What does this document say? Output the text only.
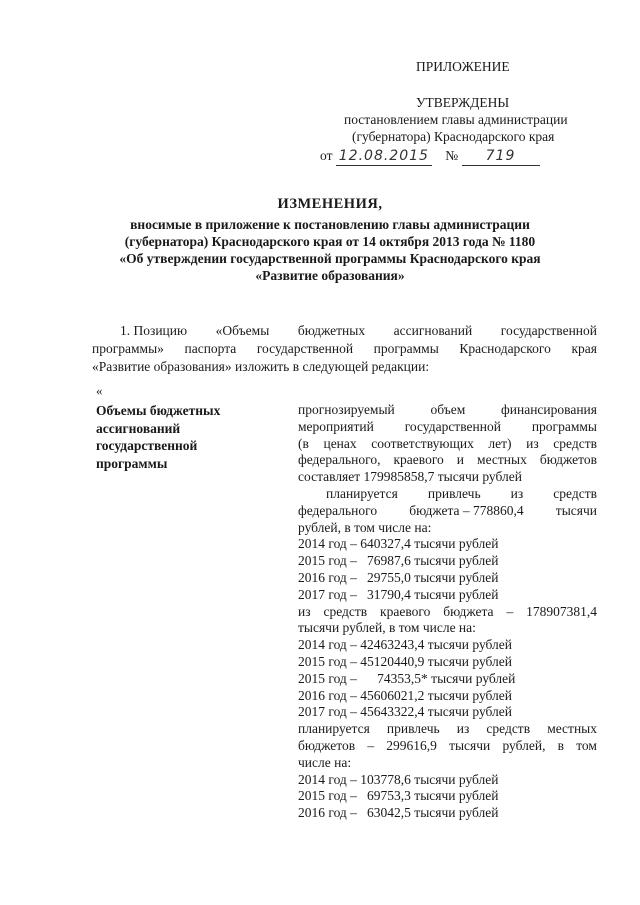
ПРИЛОЖЕНИЕ
УТВЕРЖДЕНЫ
постановлением главы администрации
(губернатора) Краснодарского края
от 12.08.2015 № 719
ИЗМЕНЕНИЯ,
вносимые в приложение к постановлению главы администрации
(губернатора) Краснодарского края от 14 октября 2013 года № 1180
«Об утверждении государственной программы Краснодарского края
«Развитие образования»
1. Позицию «Объемы бюджетных ассигнований государственной
программы» паспорта государственной программы Краснодарского края
«Развитие образования» изложить в следующей редакции:
«
Объемы бюджетных
ассигнований
государственной
программы
прогнозируемый	объем	финансирования
мероприятий государственной программы
(в ценах соответствующих лет) из средств
федерального, краевого и местных бюджетов
составляет 179985858,7 тысячи рублей
планируется привлечь из средств
федерального бюджета – 778860,4 тысячи
рублей, в том числе на:
2014 год – 640327,4 тысячи рублей
2015 год –   76987,6 тысячи рублей
2016 год –   29755,0 тысячи рублей
2017 год –   31790,4 тысячи рублей
из средств краевого бюджета – 178907381,4
тысячи рублей, в том числе на:
2014 год – 42463243,4 тысячи рублей
2015 год – 45120440,9 тысячи рублей
2015 год –      74353,5* тысячи рублей
2016 год – 45606021,2 тысячи рублей
2017 год – 45643322,4 тысячи рублей
планируется привлечь из средств местных
бюджетов – 299616,9 тысячи рублей, в том
числе на:
2014 год – 103778,6 тысячи рублей
2015 год –   69753,3 тысячи рублей
2016 год –   63042,5 тысячи рублей
